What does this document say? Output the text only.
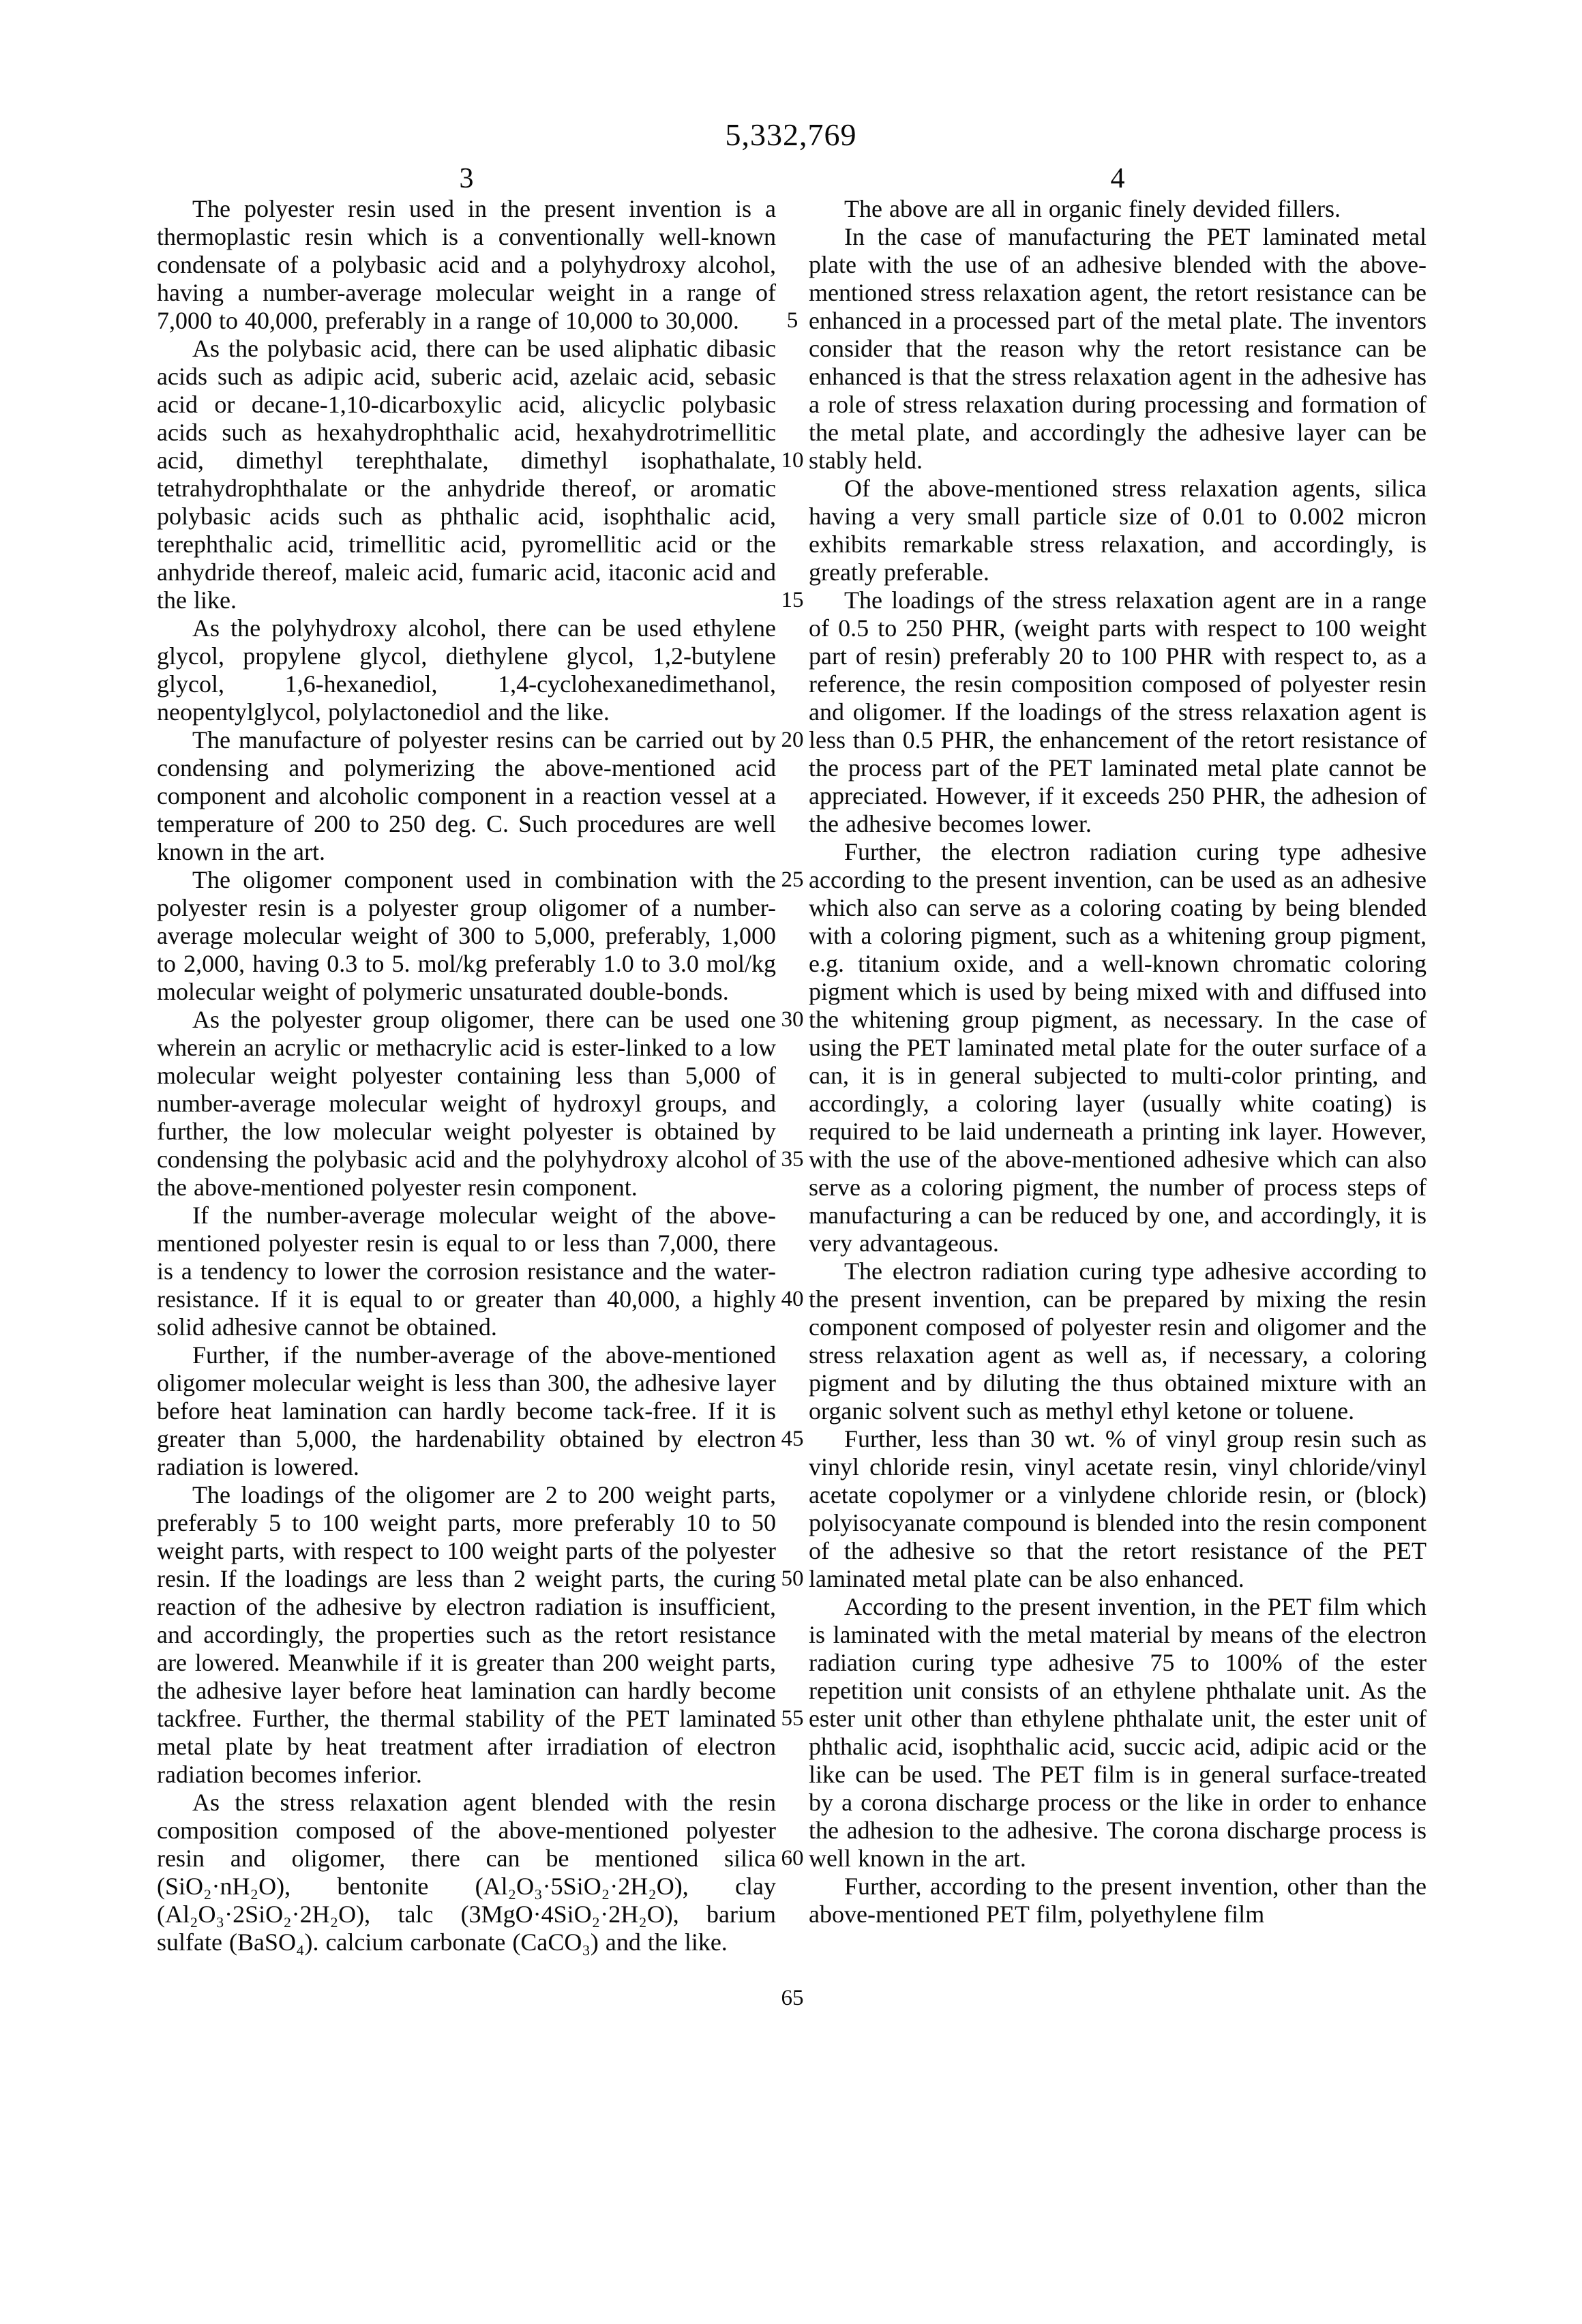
5,332,769
3

The polyester resin used in the present invention is a thermoplastic resin which is a conventionally well-known condensate of a polybasic acid and a polyhydroxy alcohol, having a number-average molecular weight in a range of 7,000 to 40,000, preferably in a range of 10,000 to 30,000.

As the polybasic acid, there can be used aliphatic dibasic acids such as adipic acid, suberic acid, azelaic acid, sebasic acid or decane-1,10-dicarboxylic acid, alicyclic polybasic acids such as hexahydrophthalic acid, hexahydrotrimellitic acid, dimethyl terephthalate, dimethyl isophathalate, tetrahydrophthalate or the anhydride thereof, or aromatic polybasic acids such as phthalic acid, isophthalic acid, terephthalic acid, trimellitic acid, pyromellitic acid or the anhydride thereof, maleic acid, fumaric acid, itaconic acid and the like.

As the polyhydroxy alcohol, there can be used ethylene glycol, propylene glycol, diethylene glycol, 1,2-butylene glycol, 1,6-hexanediol, 1,4-cyclohexanedimethanol, neopentylglycol, polylactonediol and the like.

The manufacture of polyester resins can be carried out by condensing and polymerizing the above-mentioned acid component and alcoholic component in a reaction vessel at a temperature of 200 to 250 deg. C. Such procedures are well known in the art.

The oligomer component used in combination with the polyester resin is a polyester group oligomer of a number-average molecular weight of 300 to 5,000, preferably, 1,000 to 2,000, having 0.3 to 5. mol/kg preferably 1.0 to 3.0 mol/kg molecular weight of polymeric unsaturated double-bonds.

As the polyester group oligomer, there can be used one wherein an acrylic or methacrylic acid is ester-linked to a low molecular weight polyester containing less than 5,000 of number-average molecular weight of hydroxyl groups, and further, the low molecular weight polyester is obtained by condensing the polybasic acid and the polyhydroxy alcohol of the above-mentioned polyester resin component.

If the number-average molecular weight of the above-mentioned polyester resin is equal to or less than 7,000, there is a tendency to lower the corrosion resistance and the water-resistance. If it is equal to or greater than 40,000, a highly solid adhesive cannot be obtained.

Further, if the number-average of the above-mentioned oligomer molecular weight is less than 300, the adhesive layer before heat lamination can hardly become tack-free. If it is greater than 5,000, the hardenability obtained by electron radiation is lowered.

The loadings of the oligomer are 2 to 200 weight parts, preferably 5 to 100 weight parts, more preferably 10 to 50 weight parts, with respect to 100 weight parts of the polyester resin. If the loadings are less than 2 weight parts, the curing reaction of the adhesive by electron radiation is insufficient, and accordingly, the properties such as the retort resistance are lowered. Meanwhile if it is greater than 200 weight parts, the adhesive layer before heat lamination can hardly become tackfree. Further, the thermal stability of the PET laminated metal plate by heat treatment after irradiation of electron radiation becomes inferior.

As the stress relaxation agent blended with the resin composition composed of the above-mentioned polyester resin and oligomer, there can be mentioned silica (SiO₂·nH₂O), bentonite (Al₂O₃·5SiO₂·2H₂O), clay (Al₂O₃·2SiO₂·2H₂O), talc (3MgO·4SiO₂·2H₂O), barium sulfate (BaSO₄). calcium carbonate (CaCO₃) and the like.

5
10
15
20
25
30
35
40
45
50
55
60
65
4

The above are all in organic finely devided fillers.

In the case of manufacturing the PET laminated metal plate with the use of an adhesive blended with the above-mentioned stress relaxation agent, the retort resistance can be enhanced in a processed part of the metal plate. The inventors consider that the reason why the retort resistance can be enhanced is that the stress relaxation agent in the adhesive has a role of stress relaxation during processing and formation of the metal plate, and accordingly the adhesive layer can be stably held.

Of the above-mentioned stress relaxation agents, silica having a very small particle size of 0.01 to 0.002 micron exhibits remarkable stress relaxation, and accordingly, is greatly preferable.

The loadings of the stress relaxation agent are in a range of 0.5 to 250 PHR, (weight parts with respect to 100 weight part of resin) preferably 20 to 100 PHR with respect to, as a reference, the resin composition composed of polyester resin and oligomer. If the loadings of the stress relaxation agent is less than 0.5 PHR, the enhancement of the retort resistance of the process part of the PET laminated metal plate cannot be appreciated. However, if it exceeds 250 PHR, the adhesion of the adhesive becomes lower.

Further, the electron radiation curing type adhesive according to the present invention, can be used as an adhesive which also can serve as a coloring coating by being blended with a coloring pigment, such as a whitening group pigment, e.g. titanium oxide, and a well-known chromatic coloring pigment which is used by being mixed with and diffused into the whitening group pigment, as necessary. In the case of using the PET laminated metal plate for the outer surface of a can, it is in general subjected to multi-color printing, and accordingly, a coloring layer (usually white coating) is required to be laid underneath a printing ink layer. However, with the use of the above-mentioned adhesive which can also serve as a coloring pigment, the number of process steps of manufacturing a can be reduced by one, and accordingly, it is very advantageous.

The electron radiation curing type adhesive according to the present invention, can be prepared by mixing the resin component composed of polyester resin and oligomer and the stress relaxation agent as well as, if necessary, a coloring pigment and by diluting the thus obtained mixture with an organic solvent such as methyl ethyl ketone or toluene.

Further, less than 30 wt. % of vinyl group resin such as vinyl chloride resin, vinyl acetate resin, vinyl chloride/vinyl acetate copolymer or a vinlydene chloride resin, or (block) polyisocyanate compound is blended into the resin component of the adhesive so that the retort resistance of the PET laminated metal plate can be also enhanced.

According to the present invention, in the PET film which is laminated with the metal material by means of the electron radiation curing type adhesive 75 to 100% of the ester repetition unit consists of an ethylene phthalate unit. As the ester unit other than ethylene phthalate unit, the ester unit of phthalic acid, isophthalic acid, succic acid, adipic acid or the like can be used. The PET film is in general surface-treated by a corona discharge process or the like in order to enhance the adhesion to the adhesive. The corona discharge process is well known in the art.

Further, according to the present invention, other than the above-mentioned PET film, polyethylene film
